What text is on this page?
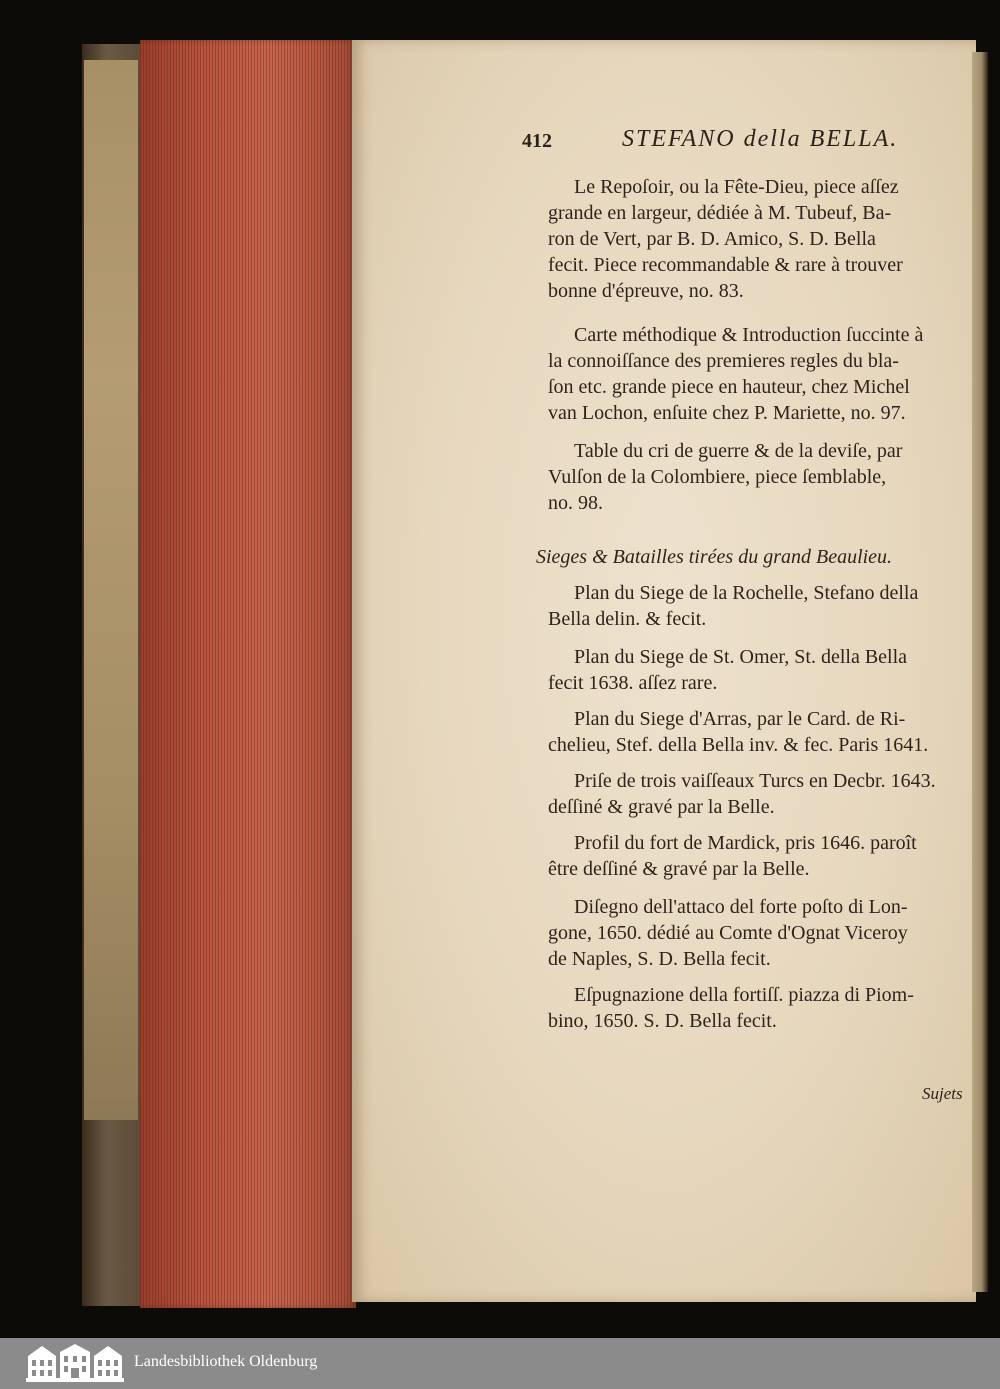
412	STEFANO della BELLA.
Le Repoſoir, ou la Fête-Dieu, piece aſſez
grande en largeur, dédiée à M. Tubeuf, Ba-
ron de Vert, par B. D. Amico, S. D. Bella
fecit. Piece recommandable & rare à trouver
bonne d'épreuve, no. 83.
Carte méthodique & Introduction ſuccinte à
la connoiſſance des premieres regles du bla-
ſon etc. grande piece en hauteur, chez Michel
van Lochon, enſuite chez P. Mariette, no. 97.
Table du cri de guerre & de la deviſe, par
Vulſon de la Colombiere, piece ſemblable,
no. 98.
Sieges & Batailles tirées du grand Beaulieu.
Plan du Siege de la Rochelle, Stefano della
Bella delin. & fecit.
Plan du Siege de St. Omer, St. della Bella
fecit 1638. aſſez rare.
Plan du Siege d'Arras, par le Card. de Ri-
chelieu, Stef. della Bella inv. & fec. Paris 1641.
Priſe de trois vaiſſeaux Turcs en Decbr. 1643.
deſſiné & gravé par la Belle.
Profil du fort de Mardick, pris 1646. paroît
être deſſiné & gravé par la Belle.
Diſegno dell'attaco del forte poſto di Lon-
gone, 1650. dédié au Comte d'Ognat Viceroy
de Naples, S. D. Bella fecit.
Eſpugnazione della fortiſſ. piazza di Piom-
bino, 1650. S. D. Bella fecit.
Sujets
Landesbibliothek Oldenburg
